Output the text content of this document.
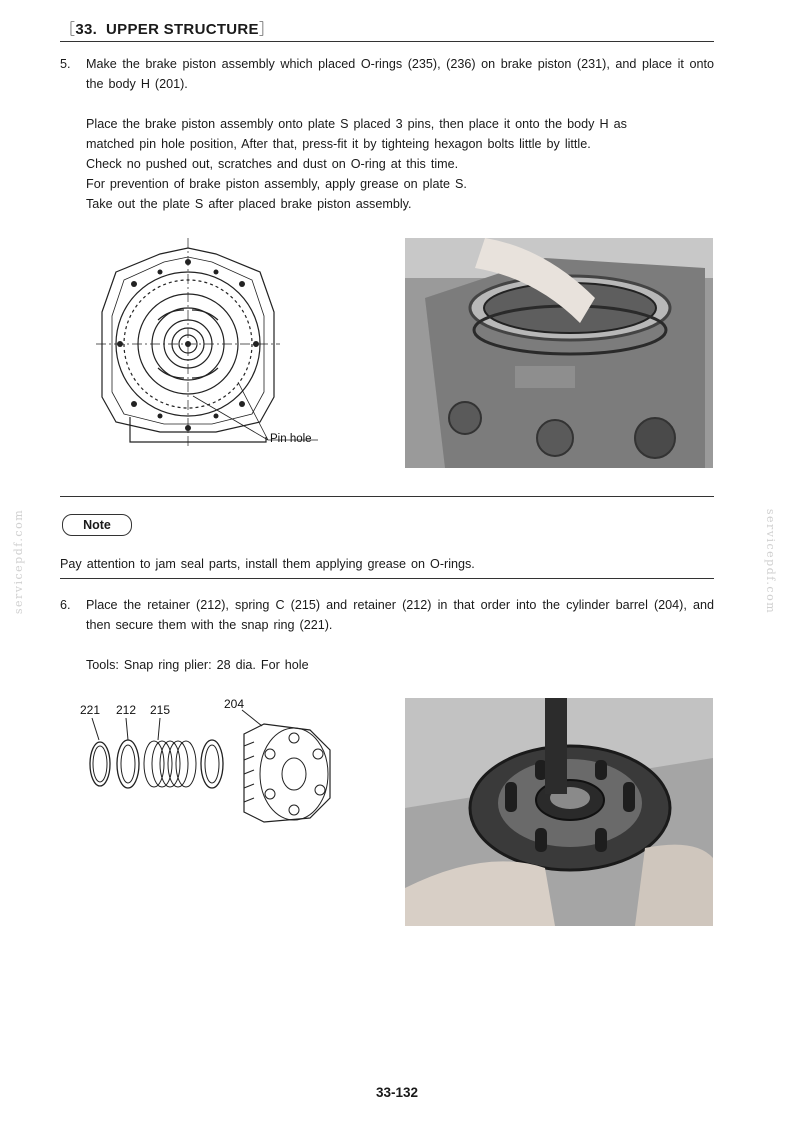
［33. UPPER STRUCTURE］
5. Make the brake piston assembly which placed O-rings (235), (236) on brake piston (231), and place it onto the body H (201).
Place the brake piston assembly onto plate S placed 3 pins, then place it onto the body H as
matched pin hole position, After that, press-fit it by tighteing hexagon bolts little by little.
Check no pushed out, scratches and dust on O-ring at this time.
For prevention of brake piston assembly, apply grease on plate S.
Take out the plate S after placed brake piston assembly.
Pin hole
Note
Pay attention to jam seal parts, install them applying grease on O-rings.
6. Place the retainer (212), spring C (215) and retainer (212) in that order into the cylinder barrel (204), and then secure them with the snap ring (221).
Tools: Snap ring plier: 28 dia. For hole
221 212 215	204
servicepdf.com	servicepdf.com
33-132
